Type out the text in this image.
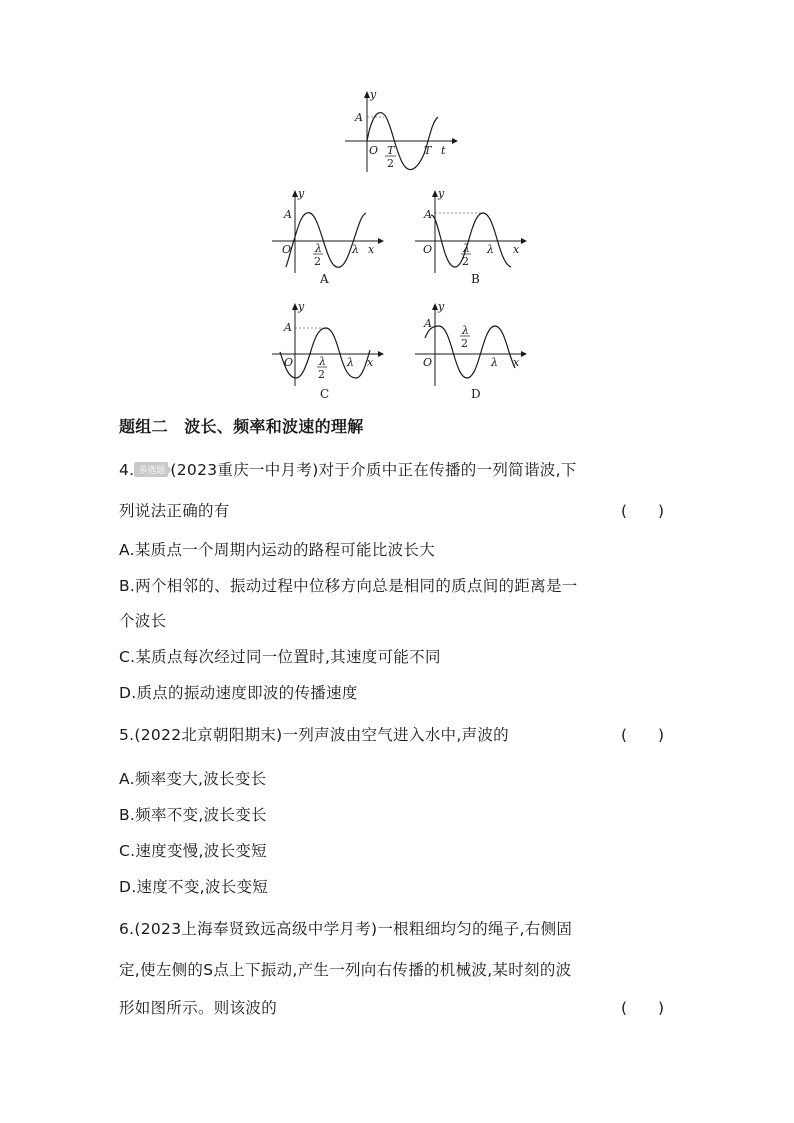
y
A
O T
2
T t
y
A
O λ
2
λ x
A
y
A
O	λ
2
λ x
B
y
A
O λ
2
λ x
C
y
A
O
λ
2
λ x
D
题组二　波长、频率和波速的理解
4. 多选题 (2023重庆一中月考)对于介质中正在传播的一列简谐波,下
列说法正确的有	(　　)
A.某质点一个周期内运动的路程可能比波长大
B.两个相邻的、振动过程中位移方向总是相同的质点间的距离是一
个波长
C.某质点每次经过同一位置时,其速度可能不同
D.质点的振动速度即波的传播速度
5.(2022北京朝阳期末)一列声波由空气进入水中,声波的	(　　)
A.频率变大,波长变长
B.频率不变,波长变长
C.速度变慢,波长变短
D.速度不变,波长变短
6.(2023上海奉贤致远高级中学月考)一根粗细均匀的绳子,右侧固
定,使左侧的S点上下振动,产生一列向右传播的机械波,某时刻的波
形如图所示。则该波的	(　　)
